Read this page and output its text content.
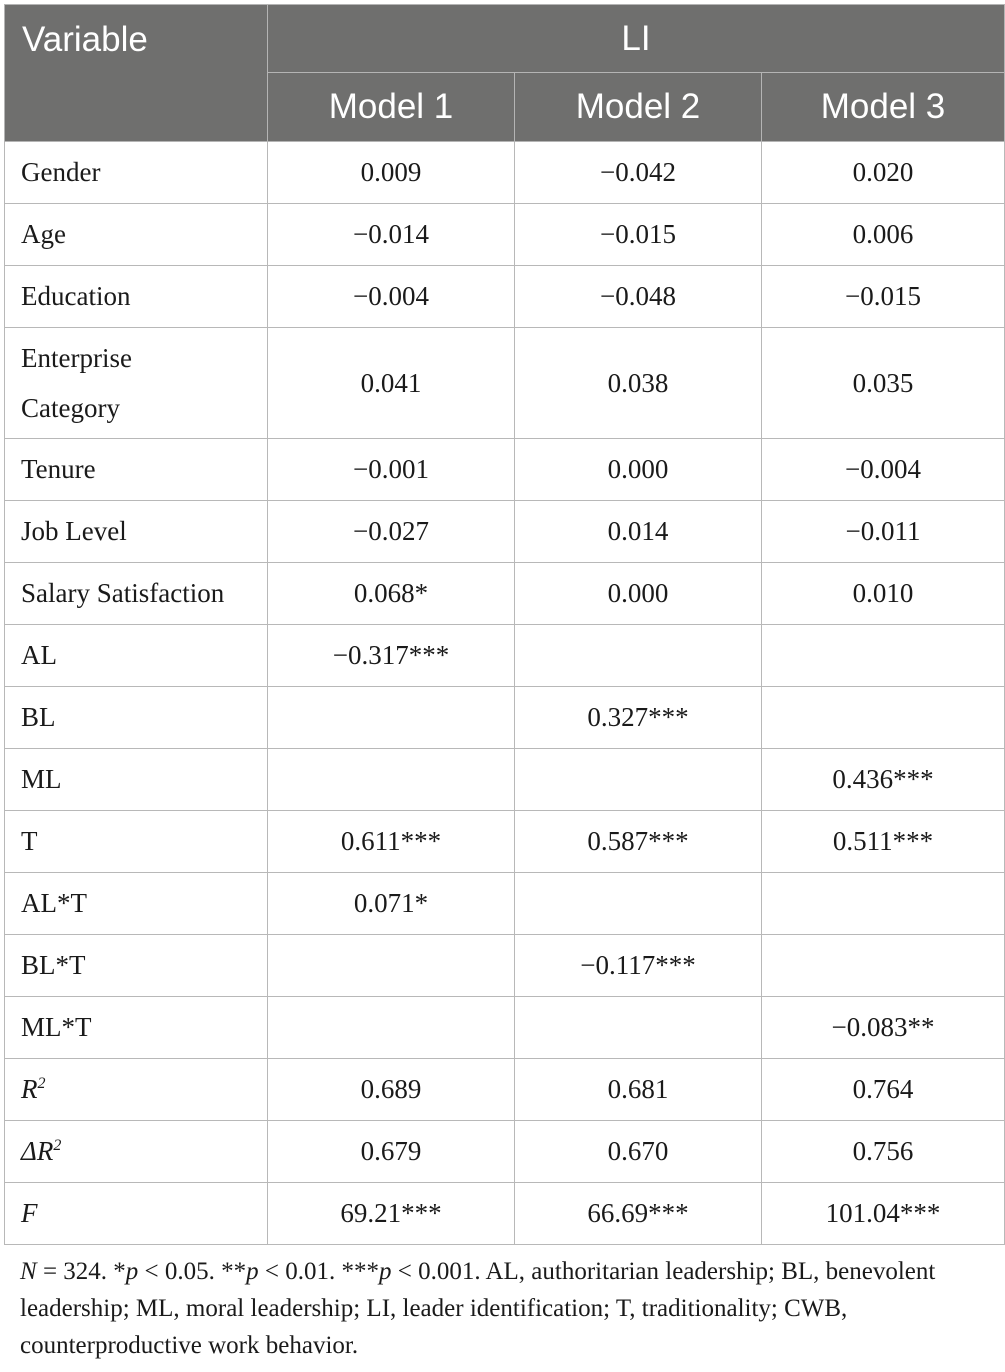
Variable	LI		
	Model 1	Model 2	Model 3
Gender	0.009	−0.042	0.020
Age	−0.014	−0.015	0.006
Education	−0.004	−0.048	−0.015
Enterprise
Category	0.041	0.038	0.035
Tenure	−0.001	0.000	−0.004
Job Level	−0.027	0.014	−0.011
Salary Satisfaction	0.068*	0.000	0.010
AL	−0.317***		
BL		0.327***	
ML			0.436***
T	0.611***	0.587***	0.511***
AL*T	0.071*		
BL*T		−0.117***	
ML*T			−0.083**
$R^2$	0.689	0.681	0.764
$\Delta R^2$	0.679	0.670	0.756
F	69.21***	66.69***	101.04***

N = 324. *p < 0.05. **p < 0.01. ***p < 0.001. AL, authoritarian leadership; BL, benevolent leadership; ML, moral leadership; LI, leader identification; T, traditionality; CWB, counterproductive work behavior.
